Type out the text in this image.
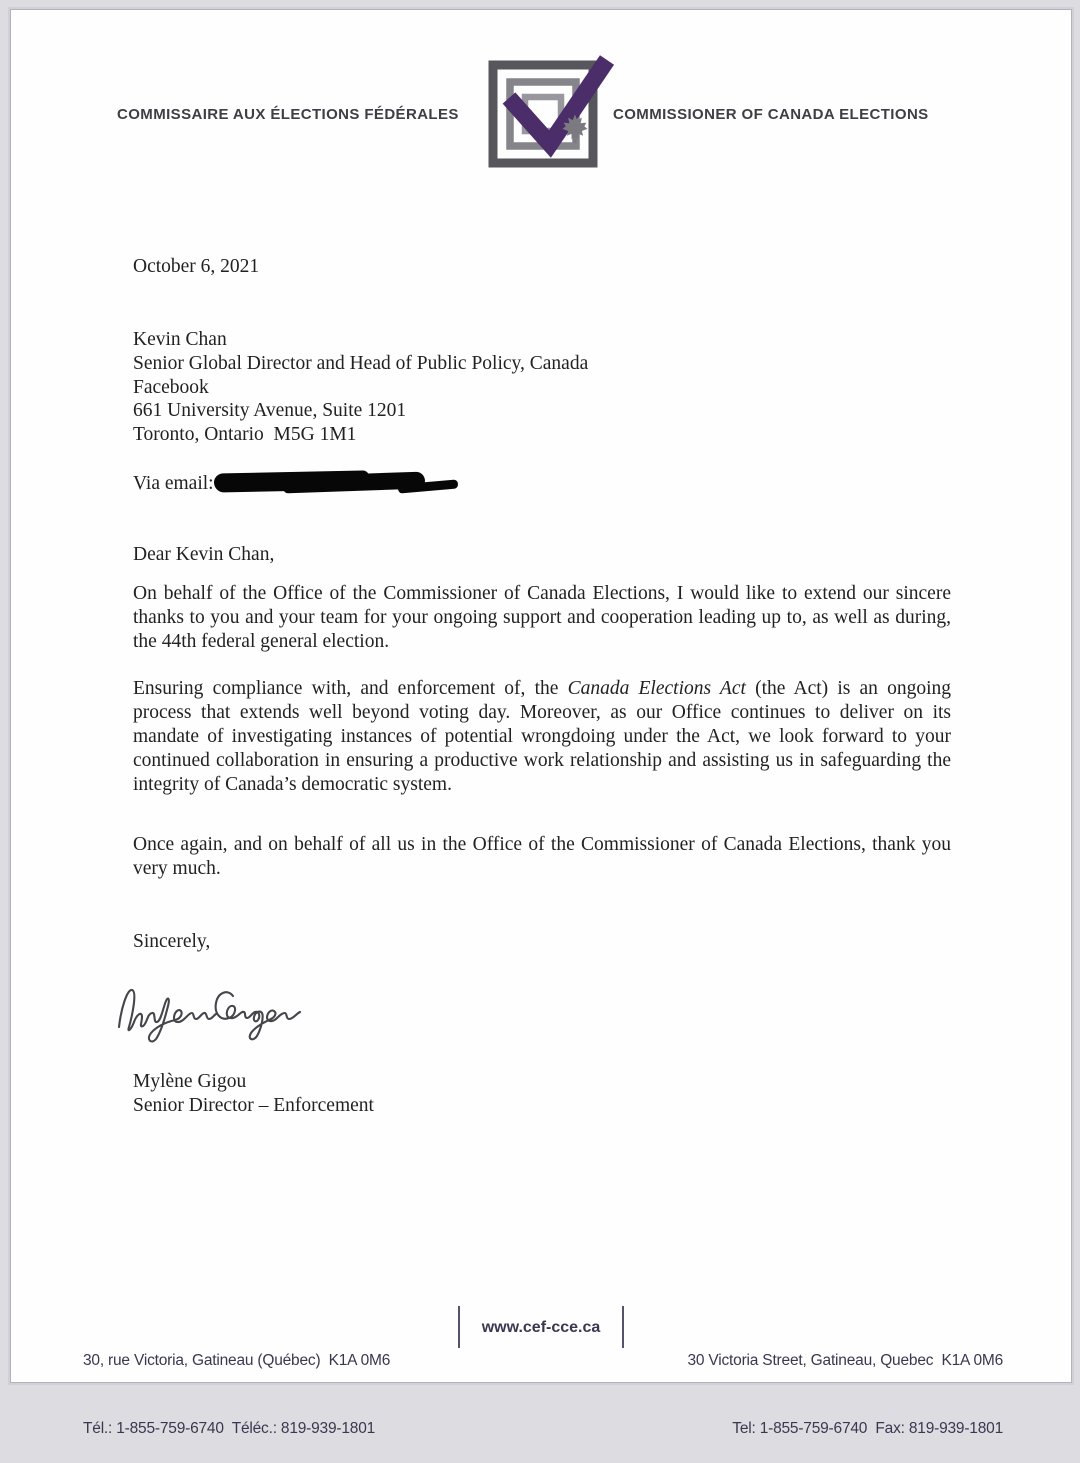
COMMISSAIRE AUX ÉLECTIONS FÉDÉRALES	COMMISSIONER OF CANADA ELECTIONS
October 6, 2021
Kevin Chan
Senior Global Director and Head of Public Policy, Canada
Facebook
661 University Avenue, Suite 1201
Toronto, Ontario  M5G 1M1
Via email:
Dear Kevin Chan,
On behalf of the Office of the Commissioner of Canada Elections, I would like to extend our sincere thanks to you and your team for your ongoing support and cooperation leading up to, as well as during, the 44th federal general election.
Ensuring compliance with, and enforcement of, the Canada Elections Act (the Act) is an ongoing process that extends well beyond voting day. Moreover, as our Office continues to deliver on its mandate of investigating instances of potential wrongdoing under the Act, we look forward to your continued collaboration in ensuring a productive work relationship and assisting us in safeguarding the integrity of Canada’s democratic system.
Once again, and on behalf of all us in the Office of the Commissioner of Canada Elections, thank you very much.
Sincerely,
Mylène Gigou
Senior Director – Enforcement

30, rue Victoria, Gatineau (Québec)  K1A 0M6

Tél.: 1-855-759-6740  Téléc.: 819-939-1801

www.cef-cce.ca

30 Victoria Street, Gatineau, Quebec  K1A 0M6

Tel: 1-855-759-6740  Fax: 819-939-1801
